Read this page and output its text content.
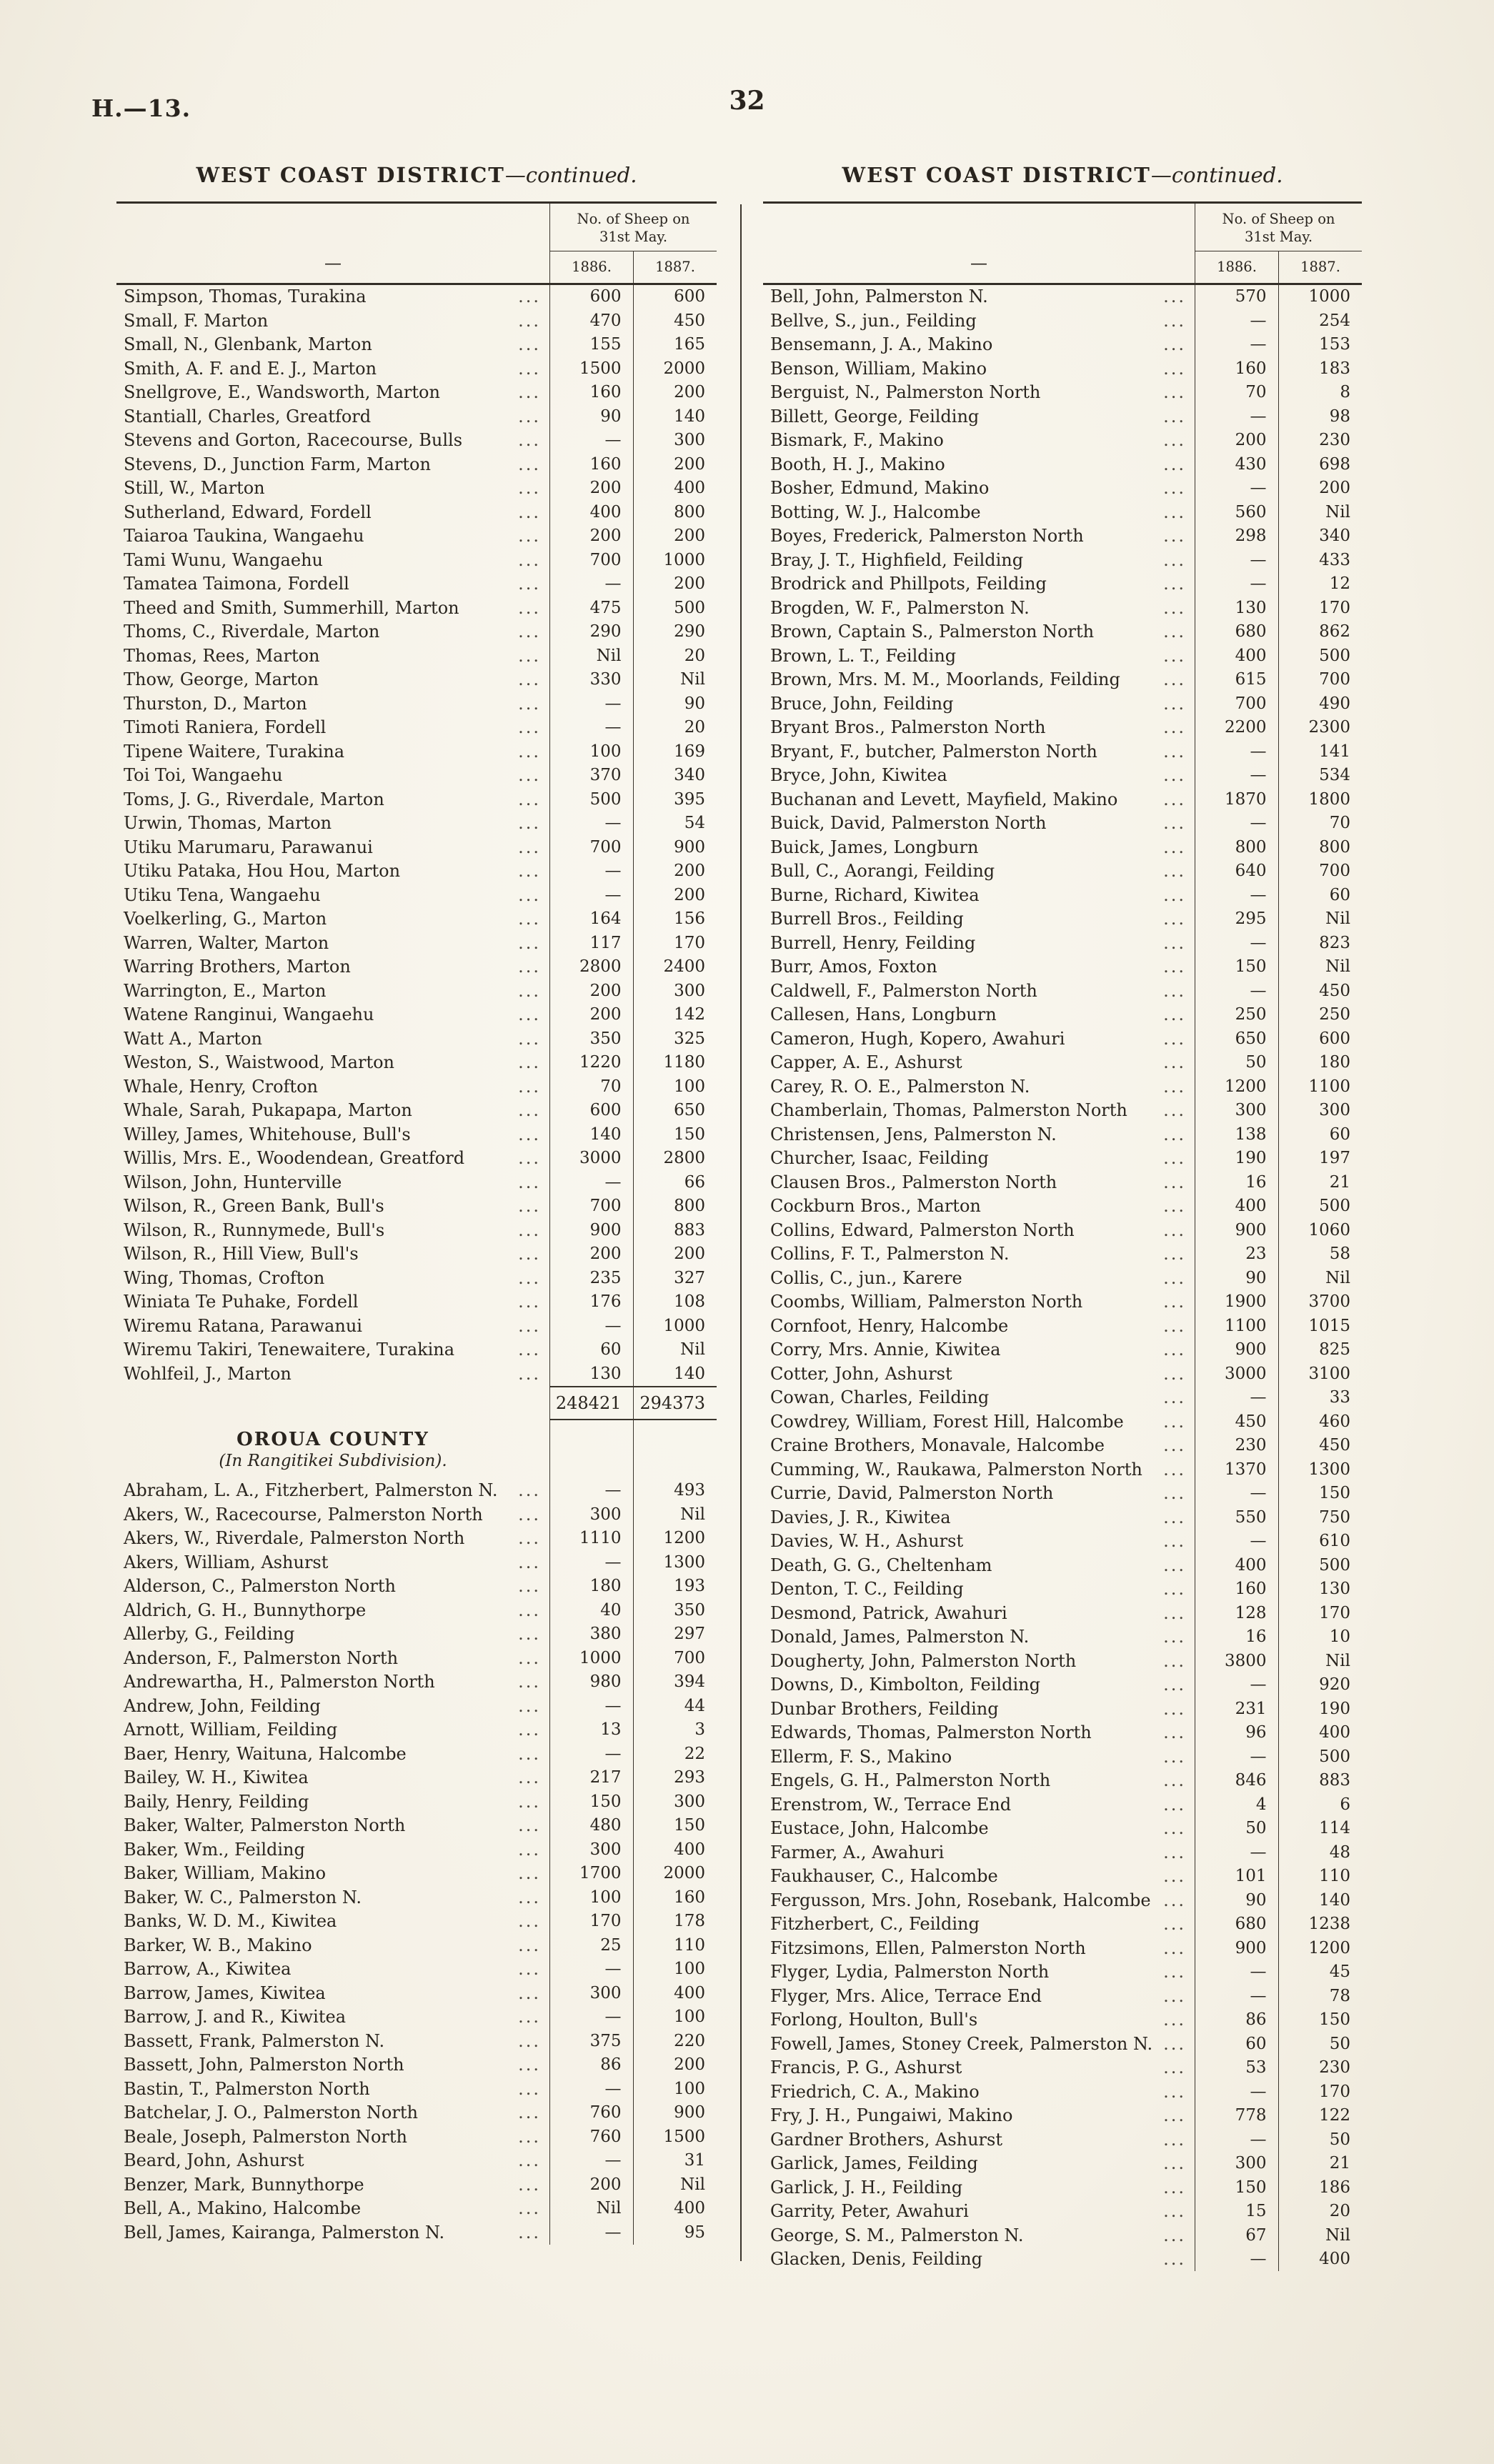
H.—13.	32
WEST COAST DISTRICT—continued.
—
No. of Sheep on
31st May.
1886.	1887.
Simpson, Thomas, Turakina	...	600	600
Small, F. Marton	...	470	450
Small, N., Glenbank, Marton	...	155	165
Smith, A. F. and E. J., Marton	...	1500	2000
Snellgrove, E., Wandsworth, Marton	...	160	200
Stantiall, Charles, Greatford	...	90	140
Stevens and Gorton, Racecourse, Bulls	...	—	300
Stevens, D., Junction Farm, Marton	...	160	200
Still, W., Marton	...	200	400
Sutherland, Edward, Fordell	...	400	800
Taiaroa Taukina, Wangaehu	...	200	200
Tami Wunu, Wangaehu	...	700	1000
Tamatea Taimona, Fordell	...	—	200
Theed and Smith, Summerhill, Marton	...	475	500
Thoms, C., Riverdale, Marton	...	290	290
Thomas, Rees, Marton	...	Nil	20
Thow, George, Marton	...	330	Nil
Thurston, D., Marton	...	—	90
Timoti Raniera, Fordell	...	—	20
Tipene Waitere, Turakina	...	100	169
Toi Toi, Wangaehu	...	370	340
Toms, J. G., Riverdale, Marton	...	500	395
Urwin, Thomas, Marton	...	—	54
Utiku Marumaru, Parawanui	...	700	900
Utiku Pataka, Hou Hou, Marton	...	—	200
Utiku Tena, Wangaehu	...	—	200
Voelkerling, G., Marton	...	164	156
Warren, Walter, Marton	...	117	170
Warring Brothers, Marton	...	2800	2400
Warrington, E., Marton	...	200	300
Watene Ranginui, Wangaehu	...	200	142
Watt A., Marton	...	350	325
Weston, S., Waistwood, Marton	...	1220	1180
Whale, Henry, Crofton	...	70	100
Whale, Sarah, Pukapapa, Marton	...	600	650
Willey, James, Whitehouse, Bull's	...	140	150
Willis, Mrs. E., Woodendean, Greatford	...	3000	2800
Wilson, John, Hunterville	...	—	66
Wilson, R., Green Bank, Bull's	...	700	800
Wilson, R., Runnymede, Bull's	...	900	883
Wilson, R., Hill View, Bull's	...	200	200
Wing, Thomas, Crofton	...	235	327
Winiata Te Puhake, Fordell	...	176	108
Wiremu Ratana, Parawanui	...	—	1000
Wiremu Takiri, Tenewaitere, Turakina	...	60	Nil
Wohlfeil, J., Marton	...	130	140
248421	294373
OROUA COUNTY
(In Rangitikei Subdivision).
Abraham, L. A., Fitzherbert, Palmerston N. ...	—	493
Akers, W., Racecourse, Palmerston North ...	300	Nil
Akers, W., Riverdale, Palmerston North	...	1110	1200
Akers, William, Ashurst	...	—	1300
Alderson, C., Palmerston North	...	180	193
Aldrich, G. H., Bunnythorpe	...	40	350
Allerby, G., Feilding	...	380	297
Anderson, F., Palmerston North	...	1000	700
Andrewartha, H., Palmerston North	...	980	394
Andrew, John, Feilding	...	—	44
Arnott, William, Feilding	...	13	3
Baer, Henry, Waituna, Halcombe	...	—	22
Bailey, W. H., Kiwitea	...	217	293
Baily, Henry, Feilding	...	150	300
Baker, Walter, Palmerston North	...	480	150
Baker, Wm., Feilding	...	300	400
Baker, William, Makino	...	1700	2000
Baker, W. C., Palmerston N.	...	100	160
Banks, W. D. M., Kiwitea	...	170	178
Barker, W. B., Makino	...	25	110
Barrow, A., Kiwitea	...	—	100
Barrow, James, Kiwitea	...	300	400
Barrow, J. and R., Kiwitea	...	—	100
Bassett, Frank, Palmerston N.	...	375	220
Bassett, John, Palmerston North	...	86	200
Bastin, T., Palmerston North	...	—	100
Batchelar, J. O., Palmerston North	...	760	900
Beale, Joseph, Palmerston North	...	760	1500
Beard, John, Ashurst	...	—	31
Benzer, Mark, Bunnythorpe	...	200	Nil
Bell, A., Makino, Halcombe	...	Nil	400
Bell, James, Kairanga, Palmerston N.	...	—	95
WEST COAST DISTRICT—continued.
—
No. of Sheep on
31st May.
1886.	1887.
Bell, John, Palmerston N.	...	570	1000
Bellve, S., jun., Feilding	...	—	254
Bensemann, J. A., Makino	...	—	153
Benson, William, Makino	...	160	183
Berguist, N., Palmerston North	...	70	8
Billett, George, Feilding	...	—	98
Bismark, F., Makino	...	200	230
Booth, H. J., Makino	...	430	698
Bosher, Edmund, Makino	...	—	200
Botting, W. J., Halcombe	...	560	Nil
Boyes, Frederick, Palmerston North	...	298	340
Bray, J. T., Highfield, Feilding	...	—	433
Brodrick and Phillpots, Feilding	...	—	12
Brogden, W. F., Palmerston N.	...	130	170
Brown, Captain S., Palmerston North	...	680	862
Brown, L. T., Feilding	...	400	500
Brown, Mrs. M. M., Moorlands, Feilding	...	615	700
Bruce, John, Feilding	...	700	490
Bryant Bros., Palmerston North	...	2200	2300
Bryant, F., butcher, Palmerston North	...	—	141
Bryce, John, Kiwitea	...	—	534
Buchanan and Levett, Mayfield, Makino	...	1870	1800
Buick, David, Palmerston North	...	—	70
Buick, James, Longburn	...	800	800
Bull, C., Aorangi, Feilding	...	640	700
Burne, Richard, Kiwitea	...	—	60
Burrell Bros., Feilding	...	295	Nil
Burrell, Henry, Feilding	...	—	823
Burr, Amos, Foxton	...	150	Nil
Caldwell, F., Palmerston North	...	—	450
Callesen, Hans, Longburn	...	250	250
Cameron, Hugh, Kopero, Awahuri	...	650	600
Capper, A. E., Ashurst	...	50	180
Carey, R. O. E., Palmerston N.	...	1200	1100
Chamberlain, Thomas, Palmerston North ...	300	300
Christensen, Jens, Palmerston N.	...	138	60
Churcher, Isaac, Feilding	...	190	197
Clausen Bros., Palmerston North	...	16	21
Cockburn Bros., Marton	...	400	500
Collins, Edward, Palmerston North	...	900	1060
Collins, F. T., Palmerston N.	...	23	58
Collis, C., jun., Karere	...	90	Nil
Coombs, William, Palmerston North	...	1900	3700
Cornfoot, Henry, Halcombe	...	1100	1015
Corry, Mrs. Annie, Kiwitea	...	900	825
Cotter, John, Ashurst	...	3000	3100
Cowan, Charles, Feilding	...	—	33
Cowdrey, William, Forest Hill, Halcombe ...	450	460
Craine Brothers, Monavale, Halcombe	...	230	450
Cumming, W., Raukawa, Palmerston North ...	1370	1300
Currie, David, Palmerston North	...	—	150
Davies, J. R., Kiwitea	...	550	750
Davies, W. H., Ashurst	...	—	610
Death, G. G., Cheltenham	...	400	500
Denton, T. C., Feilding	...	160	130
Desmond, Patrick, Awahuri	...	128	170
Donald, James, Palmerston N.	...	16	10
Dougherty, John, Palmerston North	...	3800	Nil
Downs, D., Kimbolton, Feilding	...	—	920
Dunbar Brothers, Feilding	...	231	190
Edwards, Thomas, Palmerston North	...	96	400
Ellerm, F. S., Makino	...	—	500
Engels, G. H., Palmerston North	...	846	883
Erenstrom, W., Terrace End	...	4	6
Eustace, John, Halcombe	...	50	114
Farmer, A., Awahuri	...	—	48
Faukhauser, C., Halcombe	...	101	110
Fergusson, Mrs. John, Rosebank, Halcombe ...	90	140
Fitzherbert, C., Feilding	...	680	1238
Fitzsimons, Ellen, Palmerston North	...	900	1200
Flyger, Lydia, Palmerston North	...	—	45
Flyger, Mrs. Alice, Terrace End	...	—	78
Forlong, Houlton, Bull's	...	86	150
Fowell, James, Stoney Creek, Palmerston N. ...	60	50
Francis, P. G., Ashurst	...	53	230
Friedrich, C. A., Makino	...	—	170
Fry, J. H., Pungaiwi, Makino	...	778	122
Gardner Brothers, Ashurst	...	—	50
Garlick, James, Feilding	...	300	21
Garlick, J. H., Feilding	...	150	186
Garrity, Peter, Awahuri	...	15	20
George, S. M., Palmerston N.	...	67	Nil
Glacken, Denis, Feilding	...	—	400
